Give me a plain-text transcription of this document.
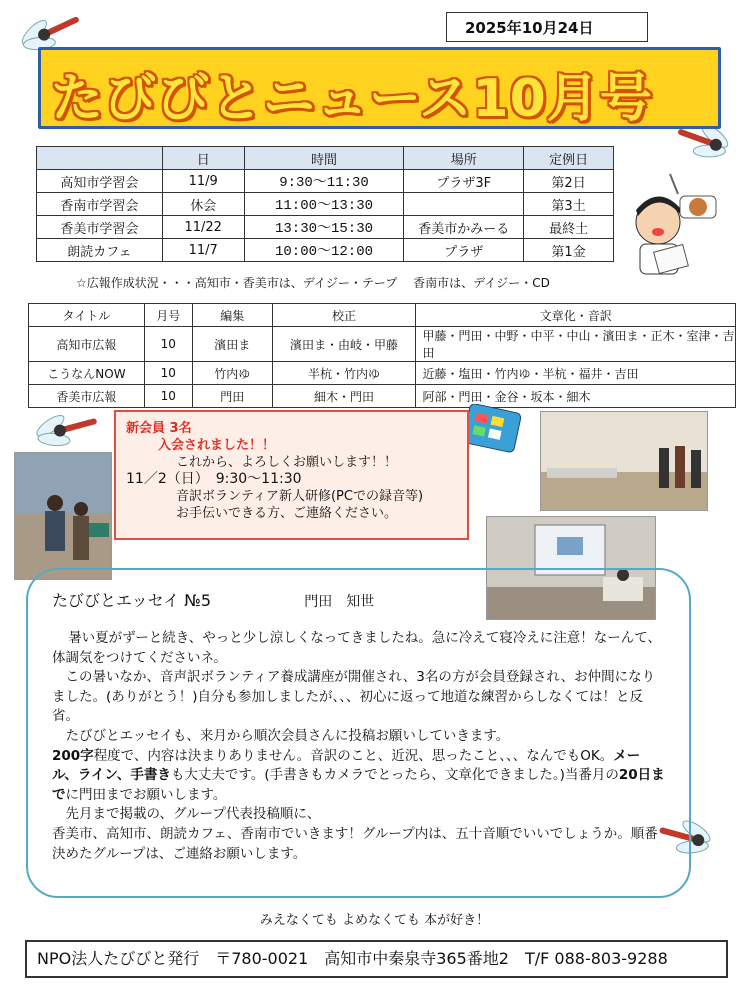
2025年10月24日
たびびとニュース10月号
	日	時間	場所	定例日
高知市学習会	11/9	9:30～11:30	プラザ3F	第2日
香南市学習会	休会	11:00～13:30		第3土
香美市学習会	11/22	13:30～15:30	香美市かみーる	最終土
朗読カフェ	11/7	10:00～12:00	プラザ	第1金
☆広報作成状況・・・高知市・香美市は、デイジー・テープ　 香南市は、デイジー・CD
タイトル	月号	編集	校正	文章化・音訳
高知市広報	10	濱田ま	濱田ま・由岐・甲藤	甲藤・門田・中野・中平・中山・濱田ま・正木・室津・吉田
こうなんNOW	10	竹内ゆ	半杭・竹内ゆ	近藤・塩田・竹内ゆ・半杭・福井・吉田
香美市広報	10	門田	細木・門田	阿部・門田・金谷・坂本・細木
新会員 3名
入会されました！！
これから、よろしくお願いします！！
11／2（日）　9:30～11:30
音訳ボランティア新人研修(PCでの録音等)
お手伝いできる方、ご連絡ください。
たびびとエッセイ №5	門田　知世

暑い夏がずーと続き、やっと少し涼しくなってきましたね。急に冷えて寝冷えに注意！なーんて、体調気をつけてくださいネ。

この暑いなか、音声訳ボランティア養成講座が開催され、3名の方が会員登録され、お仲間になりました。(ありがとう！)自分も参加しましたが、、、初心に返って地道な練習からしなくては！と反省。

たびびとエッセイも、来月から順次会員さんに投稿お願いしていきます。

200字程度で、内容は決まりありません。音訳のこと、近況、思ったこと、、、なんでもOK。メール、ライン、手書きも大丈夫です。(手書きもカメラでとったら、文章化できました。)当番月の20日までに門田までお願いします。

先月まで掲載の、グループ代表投稿順に、

香美市、高知市、朗読カフェ、香南市でいきます！グループ内は、五十音順でいいでしょうか。順番決めたグループは、ご連絡お願いします。

みえなくても よめなくても 本が好き！
NPO法人たびびと発行　〒780-0021　高知市中秦泉寺365番地2　T/F 088-803-9288
